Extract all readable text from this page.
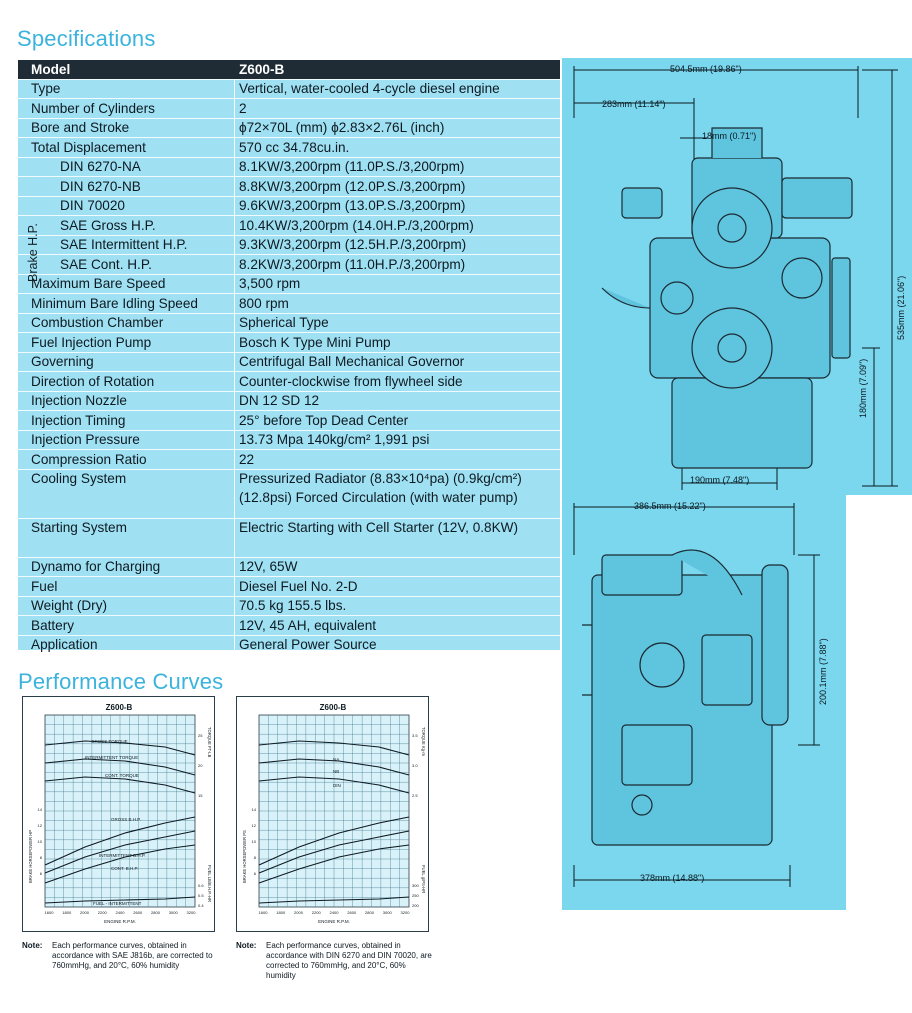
Specifications
Model	Z600-B
Type	Vertical, water-cooled 4-cycle diesel engine
Number of Cylinders	2
Bore and Stroke	ϕ72×70L (mm) ϕ2.83×2.76L (inch)
Total Displacement	570 cc 34.78cu.in.
DIN 6270-NA	8.1KW/3,200rpm (11.0P.S./3,200rpm)
DIN 6270-NB	8.8KW/3,200rpm (12.0P.S./3,200rpm)
DIN 70020	9.6KW/3,200rpm (13.0P.S./3,200rpm)
SAE Gross H.P.	10.4KW/3,200rpm (14.0H.P./3,200rpm)
SAE Intermittent H.P.	9.3KW/3,200rpm (12.5H.P./3,200rpm)
SAE Cont. H.P.	8.2KW/3,200rpm (11.0H.P./3,200rpm)
Maximum Bare Speed	3,500 rpm
Minimum Bare Idling Speed	800 rpm
Combustion Chamber	Spherical Type
Fuel Injection Pump	Bosch K Type Mini Pump
Governing	Centrifugal Ball Mechanical Governor
Direction of Rotation	Counter-clockwise from flywheel side
Injection Nozzle	DN 12 SD 12
Injection Timing	25° before Top Dead Center
Injection Pressure	13.73 Mpa 140kg/cm² 1,991 psi
Compression Ratio	22
Cooling System	Pressurized Radiator (8.83×10⁴pa) (0.9kg/cm²) (12.8psi) Forced Circulation (with water pump)
Starting System	Electric Starting with Cell Starter (12V, 0.8KW)
Dynamo for Charging	12V, 65W
Fuel	Diesel Fuel No. 2-D
Weight (Dry)	70.5 kg 155.5 lbs.
Battery	12V, 45 AH, equivalent
Application	General Power Source
Brake H.P.
Performance Curves
504.5mm (19.86")
283mm (11.14")
18mm (0.71")
535mm (21.06")
180mm (7.09")
190mm (7.48")
386.5mm (15.22")
200.1mm (7.88")
378mm (14.88")
Z600-B
GROSS TORQUE
INTERMITTENT TORQUE
CONT. TORQUE
GROSS B.H.P.
INTERMITTENT B.H.P.
CONT. B.H.P.
FUEL - INTERMITTENT
1600 1800 2000 2200 2400 2600 2800 3000 3200
ENGINE R.P.M.
14
12
10
8
6
25
20
15
0.6
0.5
0.4
BRAKE HORSEPOWER HP
TORQUE FT-LB
FUEL LB/B.H.P.-HR
Z600-B
NA
NB
DIN
1600 1800 2000 2200 2400 2600 2800 3000 3200
ENGINE R.P.M.
14
12
10
8
6
3.5
3.0
2.5
300
250
200
BRAKE HORSEPOWER PS
TORQUE Kg-m
FUEL g/PS-HR
Note: Each performance curves, obtained in accordance with SAE J816b, are corrected to 760mmHg, and 20°C, 60% humidity
Note: Each performance curves, obtained in accordance with DIN 6270 and DIN 70020, are corrected to 760mmHg, and 20°C, 60% humidity
